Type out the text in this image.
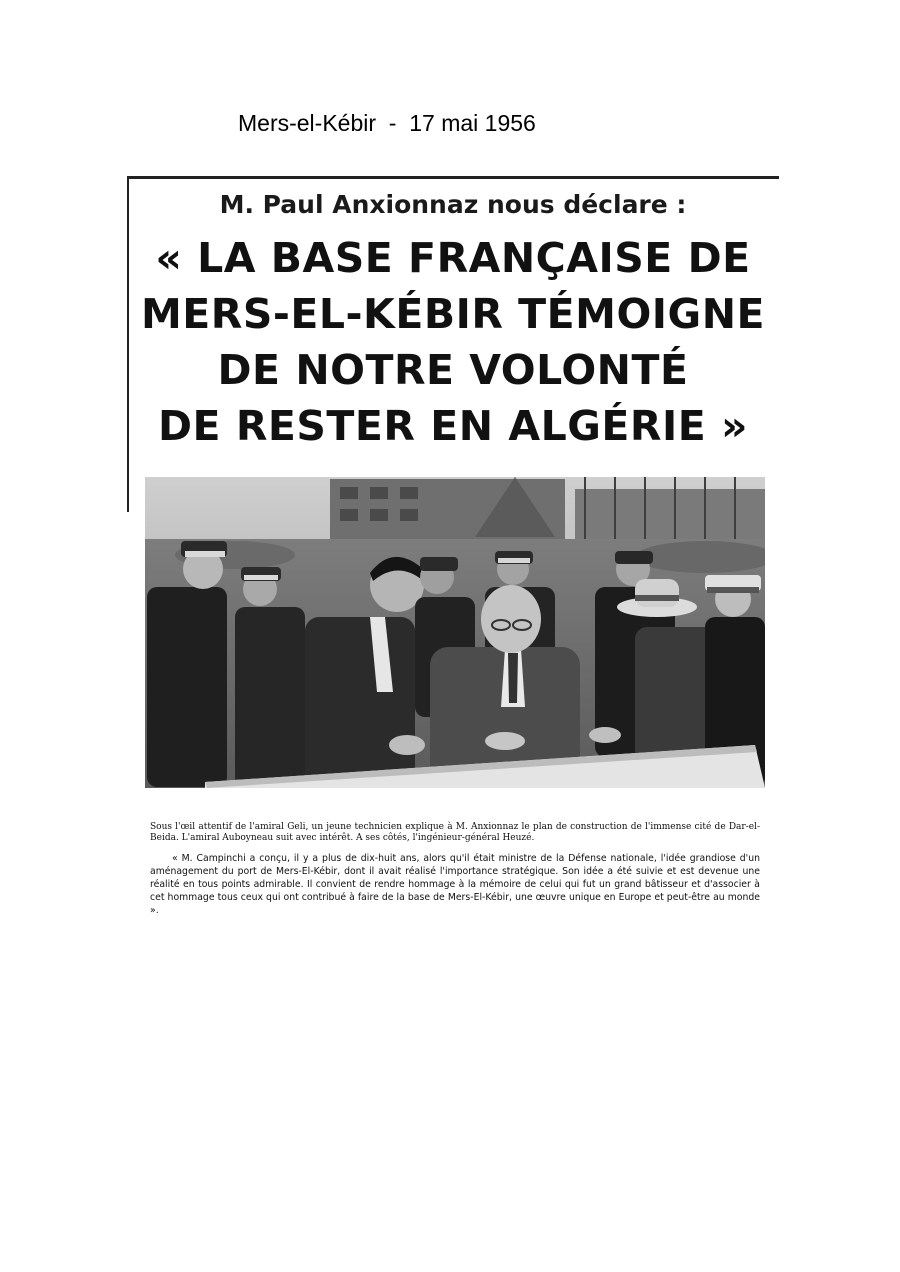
Mers-el-Kébir  -  17 mai 1956
M. Paul Anxionnaz nous déclare :
« LA BASE FRANÇAISE DE
MERS-EL-KÉBIR TÉMOIGNE
DE NOTRE VOLONTÉ
DE RESTER EN ALGÉRIE »

Sous l'œil attentif de l'amiral Geli, un jeune technicien explique à M. Anxionnaz le plan de construction de l'immense cité de Dar-el-Beida. L'amiral Auboyneau suit avec intérêt. A ses côtés, l'ingénieur-général Heuzé.

« M. Campinchi a conçu, il y a plus de dix-huit ans, alors qu'il était ministre de la Défense nationale, l'idée grandiose d'un aménagement du port de Mers-El-Kébir, dont il avait réalisé l'importance stratégique. Son idée a été suivie et est devenue une réalité en tous points admirable. Il convient de rendre hommage à la mémoire de celui qui fut un grand bâtisseur et d'associer à cet hommage tous ceux qui ont contribué à faire de la base de Mers-El-Kébir, une œuvre unique en Europe et peut-être au monde ».
